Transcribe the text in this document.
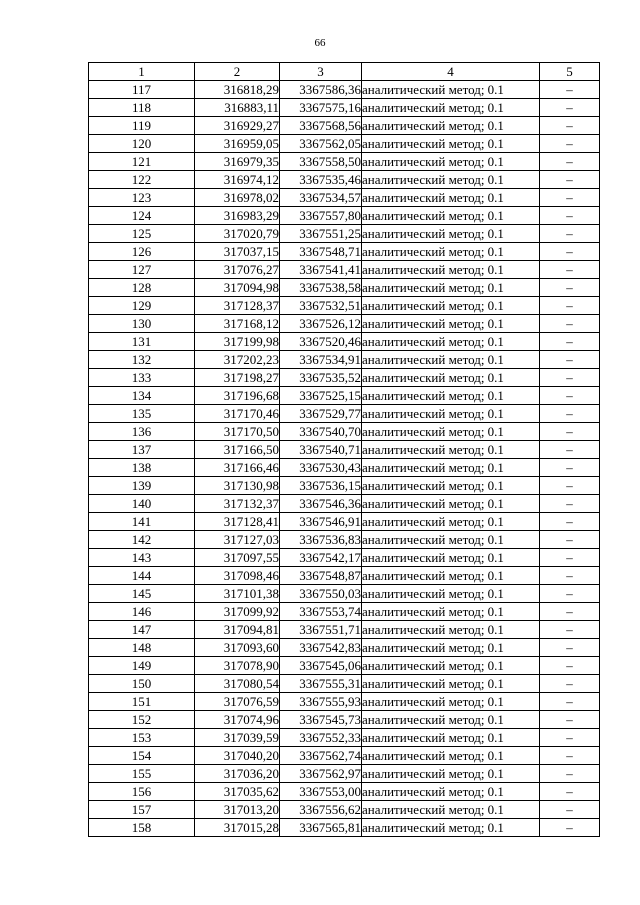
66
1	2	3	4	5
117	316818,29	3367586,36	аналитический метод; 0.1	–
118	316883,11	3367575,16	аналитический метод; 0.1	–
119	316929,27	3367568,56	аналитический метод; 0.1	–
120	316959,05	3367562,05	аналитический метод; 0.1	–
121	316979,35	3367558,50	аналитический метод; 0.1	–
122	316974,12	3367535,46	аналитический метод; 0.1	–
123	316978,02	3367534,57	аналитический метод; 0.1	–
124	316983,29	3367557,80	аналитический метод; 0.1	–
125	317020,79	3367551,25	аналитический метод; 0.1	–
126	317037,15	3367548,71	аналитический метод; 0.1	–
127	317076,27	3367541,41	аналитический метод; 0.1	–
128	317094,98	3367538,58	аналитический метод; 0.1	–
129	317128,37	3367532,51	аналитический метод; 0.1	–
130	317168,12	3367526,12	аналитический метод; 0.1	–
131	317199,98	3367520,46	аналитический метод; 0.1	–
132	317202,23	3367534,91	аналитический метод; 0.1	–
133	317198,27	3367535,52	аналитический метод; 0.1	–
134	317196,68	3367525,15	аналитический метод; 0.1	–
135	317170,46	3367529,77	аналитический метод; 0.1	–
136	317170,50	3367540,70	аналитический метод; 0.1	–
137	317166,50	3367540,71	аналитический метод; 0.1	–
138	317166,46	3367530,43	аналитический метод; 0.1	–
139	317130,98	3367536,15	аналитический метод; 0.1	–
140	317132,37	3367546,36	аналитический метод; 0.1	–
141	317128,41	3367546,91	аналитический метод; 0.1	–
142	317127,03	3367536,83	аналитический метод; 0.1	–
143	317097,55	3367542,17	аналитический метод; 0.1	–
144	317098,46	3367548,87	аналитический метод; 0.1	–
145	317101,38	3367550,03	аналитический метод; 0.1	–
146	317099,92	3367553,74	аналитический метод; 0.1	–
147	317094,81	3367551,71	аналитический метод; 0.1	–
148	317093,60	3367542,83	аналитический метод; 0.1	–
149	317078,90	3367545,06	аналитический метод; 0.1	–
150	317080,54	3367555,31	аналитический метод; 0.1	–
151	317076,59	3367555,93	аналитический метод; 0.1	–
152	317074,96	3367545,73	аналитический метод; 0.1	–
153	317039,59	3367552,33	аналитический метод; 0.1	–
154	317040,20	3367562,74	аналитический метод; 0.1	–
155	317036,20	3367562,97	аналитический метод; 0.1	–
156	317035,62	3367553,00	аналитический метод; 0.1	–
157	317013,20	3367556,62	аналитический метод; 0.1	–
158	317015,28	3367565,81	аналитический метод; 0.1	–
